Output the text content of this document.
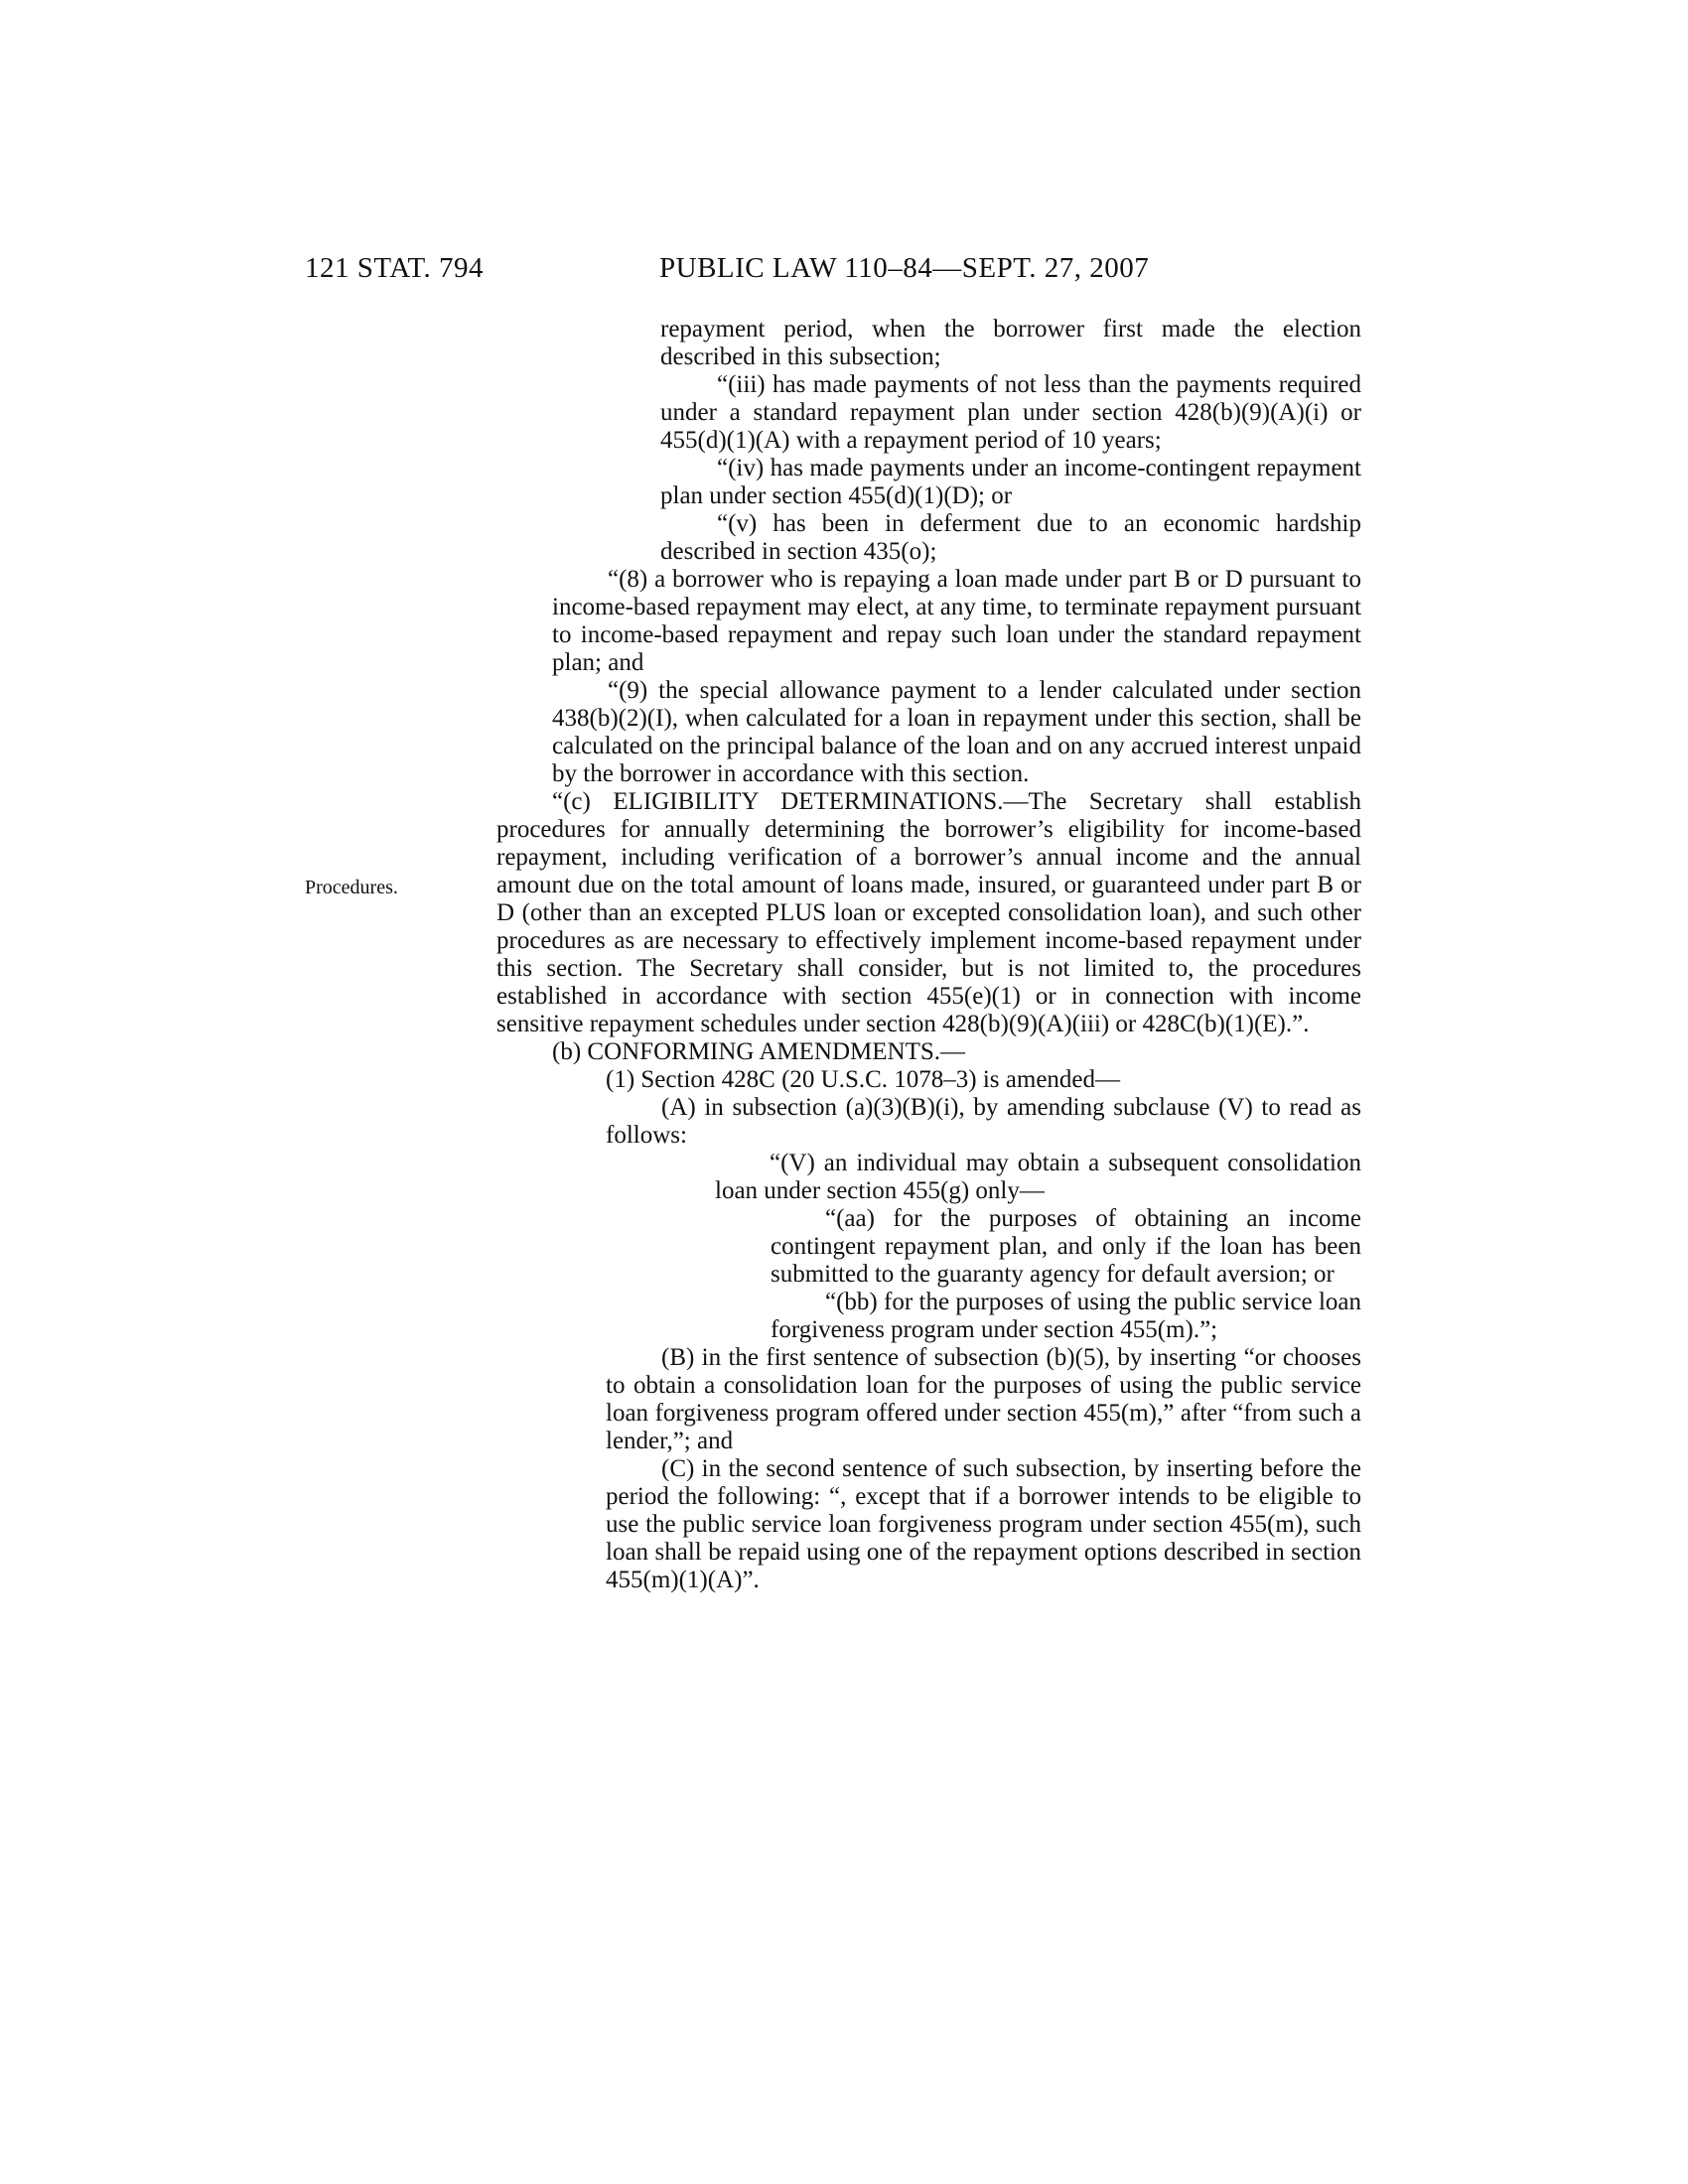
121 STAT. 794	PUBLIC LAW 110–84—SEPT. 27, 2007
Procedures.
repayment period, when the borrower first made the election described in this subsection;
“(iii) has made payments of not less than the payments required under a standard repayment plan under section 428(b)(9)(A)(i) or 455(d)(1)(A) with a repayment period of 10 years;
“(iv) has made payments under an income-contingent repayment plan under section 455(d)(1)(D); or
“(v) has been in deferment due to an economic hardship described in section 435(o);
“(8) a borrower who is repaying a loan made under part B or D pursuant to income-based repayment may elect, at any time, to terminate repayment pursuant to income-based repayment and repay such loan under the standard repayment plan; and
“(9) the special allowance payment to a lender calculated under section 438(b)(2)(I), when calculated for a loan in repayment under this section, shall be calculated on the principal balance of the loan and on any accrued interest unpaid by the borrower in accordance with this section.
“(c) ELIGIBILITY DETERMINATIONS.—The Secretary shall establish procedures for annually determining the borrower’s eligibility for income-based repayment, including verification of a borrower’s annual income and the annual amount due on the total amount of loans made, insured, or guaranteed under part B or D (other than an excepted PLUS loan or excepted consolidation loan), and such other procedures as are necessary to effectively implement income-based repayment under this section. The Secretary shall consider, but is not limited to, the procedures established in accordance with section 455(e)(1) or in connection with income sensitive repayment schedules under section 428(b)(9)(A)(iii) or 428C(b)(1)(E).”.
(b) CONFORMING AMENDMENTS.—
(1) Section 428C (20 U.S.C. 1078–3) is amended—
(A) in subsection (a)(3)(B)(i), by amending subclause (V) to read as follows:
“(V) an individual may obtain a subsequent consolidation loan under section 455(g) only—
“(aa) for the purposes of obtaining an income contingent repayment plan, and only if the loan has been submitted to the guaranty agency for default aversion; or
“(bb) for the purposes of using the public service loan forgiveness program under section 455(m).”;
(B) in the first sentence of subsection (b)(5), by inserting “or chooses to obtain a consolidation loan for the purposes of using the public service loan forgiveness program offered under section 455(m),” after “from such a lender,”; and
(C) in the second sentence of such subsection, by inserting before the period the following: “, except that if a borrower intends to be eligible to use the public service loan forgiveness program under section 455(m), such loan shall be repaid using one of the repayment options described in section 455(m)(1)(A)”.
